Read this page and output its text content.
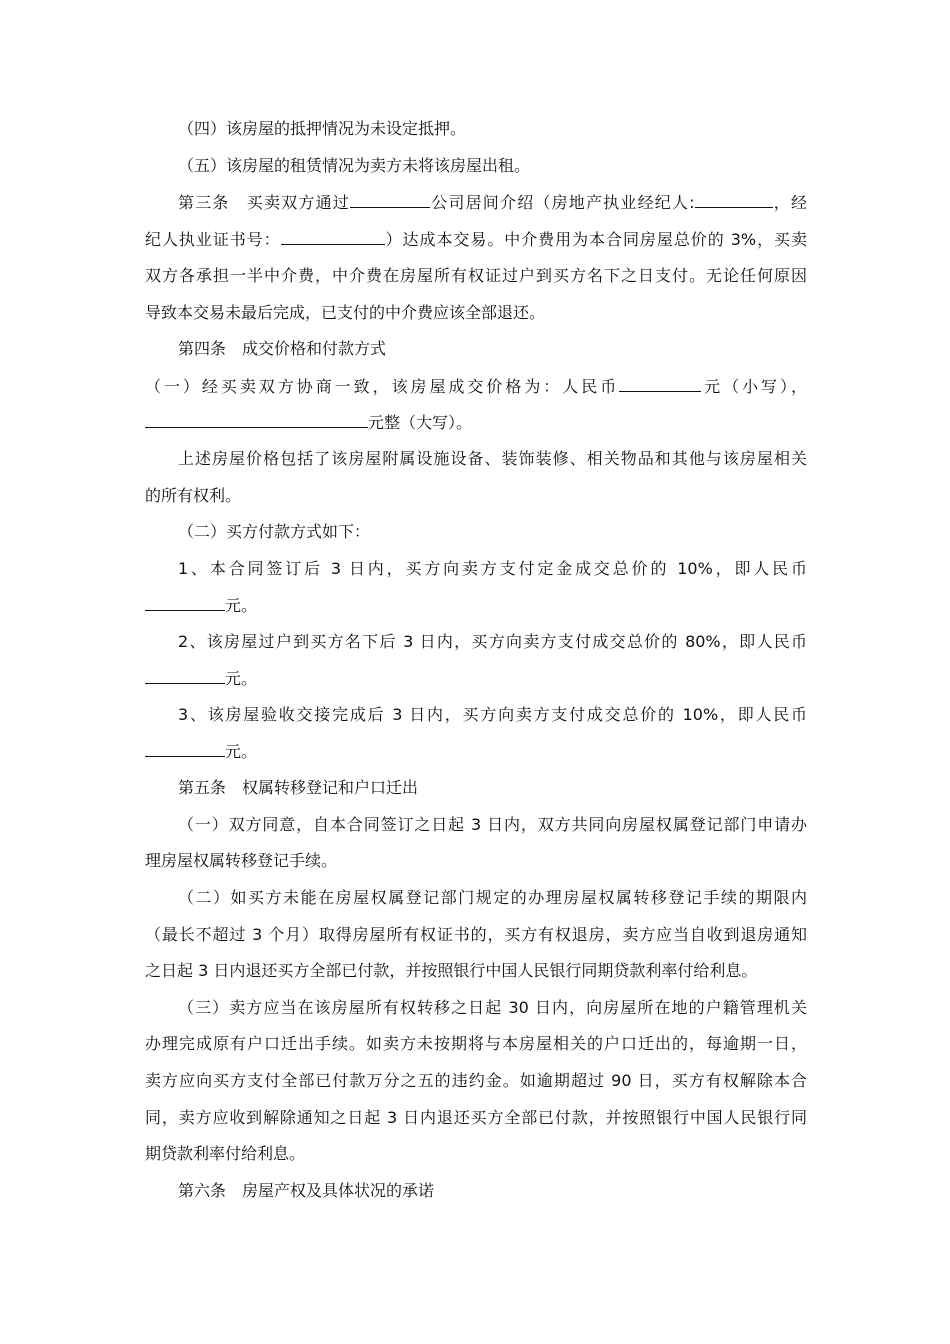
（四）该房屋的抵押情况为未设定抵押。
（五）该房屋的租赁情况为卖方未将该房屋出租。
第三条　买卖双方通过	公司居间介绍（房地产执业经纪人:	，经
纪人执业证书号：	）达成本交易。中介费用为本合同房屋总价的 3%，买卖
双方各承担一半中介费，中介费在房屋所有权证过户到买方名下之日支付。无论任何原因
导致本交易未最后完成，已支付的中介费应该全部退还。
第四条　成交价格和付款方式
（一）经买卖双方协商一致，该房屋成交价格为：人民币	元（小写），
元整（大写）。
上述房屋价格包括了该房屋附属设施设备、装饰装修、相关物品和其他与该房屋相关
的所有权利。
（二）买方付款方式如下：
1、本合同签订后 3 日内，买方向卖方支付定金成交总价的 10%，即人民币
元。
2、该房屋过户到买方名下后 3 日内，买方向卖方支付成交总价的 80%，即人民币
元。
3、该房屋验收交接完成后 3 日内，买方向卖方支付成交总价的 10%，即人民币
元。
第五条　权属转移登记和户口迁出
（一）双方同意，自本合同签订之日起 3 日内，双方共同向房屋权属登记部门申请办
理房屋权属转移登记手续。
（二）如买方未能在房屋权属登记部门规定的办理房屋权属转移登记手续的期限内
（最长不超过 3 个月）取得房屋所有权证书的，买方有权退房，卖方应当自收到退房通知
之日起 3 日内退还买方全部已付款，并按照银行中国人民银行同期贷款利率付给利息。
（三）卖方应当在该房屋所有权转移之日起 30 日内，向房屋所在地的户籍管理机关
办理完成原有户口迁出手续。如卖方未按期将与本房屋相关的户口迁出的，每逾期一日，
卖方应向买方支付全部已付款万分之五的违约金。如逾期超过 90 日，买方有权解除本合
同，卖方应收到解除通知之日起 3 日内退还买方全部已付款，并按照银行中国人民银行同
期贷款利率付给利息。
第六条　房屋产权及具体状况的承诺
